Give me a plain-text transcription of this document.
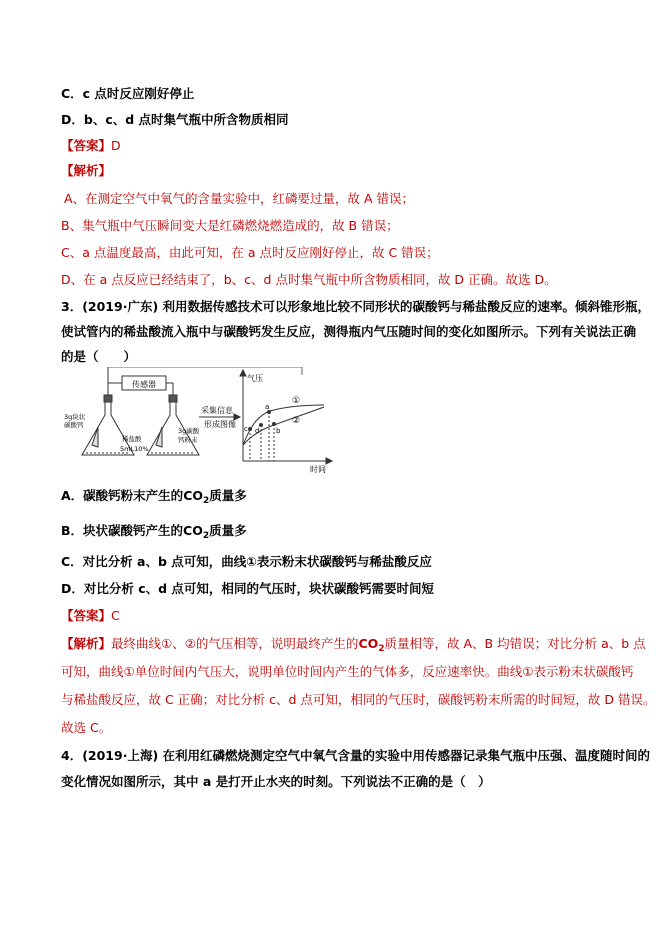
C．c 点时反应刚好停止
D．b、c、d 点时集气瓶中所含物质相同
【答案】D
【解析】
A、在测定空气中氧气的含量实验中，红磷要过量，故 A 错误；
B、集气瓶中气压瞬间变大是红磷燃烧燃造成的，故 B 错误；
C、a 点温度最高，由此可知，在 a 点时反应刚好停止，故 C 错误；
D、在 a 点反应已经结束了，b、c、d 点时集气瓶中所含物质相同，故 D 正确。故选 D。
3．(2019·广东) 利用数据传感技术可以形象地比较不同形状的碳酸钙与稀盐酸反应的速率。倾斜锥形瓶，
使试管内的稀盐酸流入瓶中与碳酸钙发生反应，测得瓶内气压随时间的变化如图所示。下列有关说法正确
的是（　　）
传感器
采集信息
形成图像
3g块状
碳酸钙
稀盐酸
5mL10%
3g碳酸
钙粉末
气压
时间
①
②
a
b
c d
A．碳酸钙粉末产生的$CO_2$质量多
B．块状碳酸钙产生的$CO_2$质量多
C．对比分析 a、b 点可知，曲线①表示粉末状碳酸钙与稀盐酸反应
D．对比分析 c、d 点可知，相同的气压时，块状碳酸钙需要时间短
【答案】C
【解析】最终曲线①、②的气压相等，说明最终产生的$CO_2$质量相等，故 A、B 均错误；对比分析 a、b 点
可知，曲线①单位时间内气压大，说明单位时间内产生的气体多，反应速率快。曲线①表示粉末状碳酸钙
与稀盐酸反应，故 C 正确；对比分析 c、d 点可知，相同的气压时，碳酸钙粉末所需的时间短，故 D 错误。
故选 C。
4．(2019·上海) 在利用红磷燃烧测定空气中氧气含量的实验中用传感器记录集气瓶中压强、温度随时间的
变化情况如图所示，其中 a 是打开止水夹的时刻。下列说法不正确的是（　）
